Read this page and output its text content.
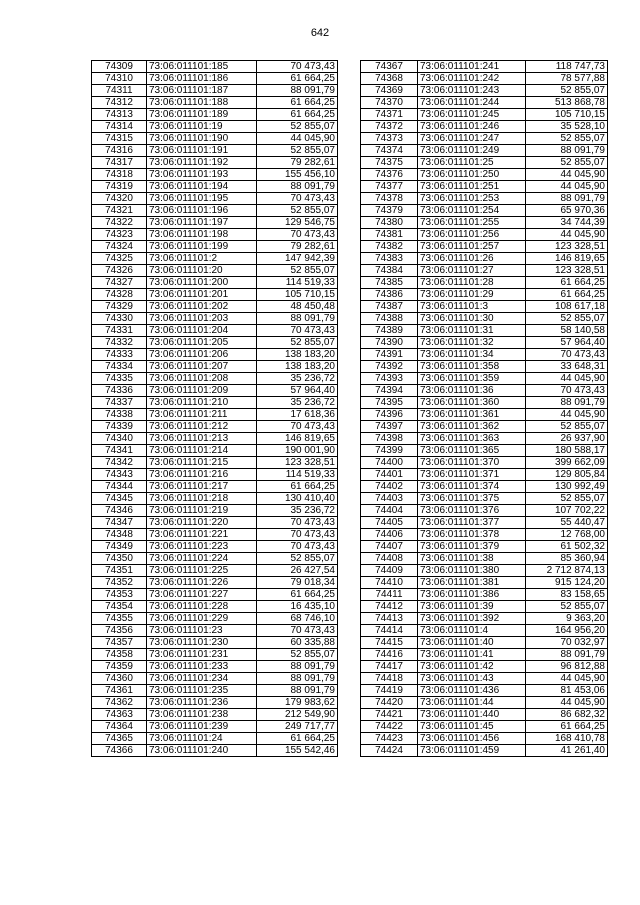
642
74309	73:06:011101:185	70 473,43
74310	73:06:011101:186	61 664,25
74311	73:06:011101:187	88 091,79
74312	73:06:011101:188	61 664,25
74313	73:06:011101:189	61 664,25
74314	73:06:011101:19	52 855,07
74315	73:06:011101:190	44 045,90
74316	73:06:011101:191	52 855,07
74317	73:06:011101:192	79 282,61
74318	73:06:011101:193	155 456,10
74319	73:06:011101:194	88 091,79
74320	73:06:011101:195	70 473,43
74321	73:06:011101:196	52 855,07
74322	73:06:011101:197	129 546,75
74323	73:06:011101:198	70 473,43
74324	73:06:011101:199	79 282,61
74325	73:06:011101:2	147 942,39
74326	73:06:011101:20	52 855,07
74327	73:06:011101:200	114 519,33
74328	73:06:011101:201	105 710,15
74329	73:06:011101:202	48 450,48
74330	73:06:011101:203	88 091,79
74331	73:06:011101:204	70 473,43
74332	73:06:011101:205	52 855,07
74333	73:06:011101:206	138 183,20
74334	73:06:011101:207	138 183,20
74335	73:06:011101:208	35 236,72
74336	73:06:011101:209	57 964,40
74337	73:06:011101:210	35 236,72
74338	73:06:011101:211	17 618,36
74339	73:06:011101:212	70 473,43
74340	73:06:011101:213	146 819,65
74341	73:06:011101:214	190 001,90
74342	73:06:011101:215	123 328,51
74343	73:06:011101:216	114 519,33
74344	73:06:011101:217	61 664,25
74345	73:06:011101:218	130 410,40
74346	73:06:011101:219	35 236,72
74347	73:06:011101:220	70 473,43
74348	73:06:011101:221	70 473,43
74349	73:06:011101:223	70 473,43
74350	73:06:011101:224	52 855,07
74351	73:06:011101:225	26 427,54
74352	73:06:011101:226	79 018,34
74353	73:06:011101:227	61 664,25
74354	73:06:011101:228	16 435,10
74355	73:06:011101:229	68 746,10
74356	73:06:011101:23	70 473,43
74357	73:06:011101:230	60 335,88
74358	73:06:011101:231	52 855,07
74359	73:06:011101:233	88 091,79
74360	73:06:011101:234	88 091,79
74361	73:06:011101:235	88 091,79
74362	73:06:011101:236	179 983,62
74363	73:06:011101:238	212 549,90
74364	73:06:011101:239	249 717,77
74365	73:06:011101:24	61 664,25
74366	73:06:011101:240	155 542,46
74367	73:06:011101:241	118 747,73
74368	73:06:011101:242	78 577,88
74369	73:06:011101:243	52 855,07
74370	73:06:011101:244	513 868,78
74371	73:06:011101:245	105 710,15
74372	73:06:011101:246	35 528,10
74373	73:06:011101:247	52 855,07
74374	73:06:011101:249	88 091,79
74375	73:06:011101:25	52 855,07
74376	73:06:011101:250	44 045,90
74377	73:06:011101:251	44 045,90
74378	73:06:011101:253	88 091,79
74379	73:06:011101:254	65 970,36
74380	73:06:011101:255	34 744,39
74381	73:06:011101:256	44 045,90
74382	73:06:011101:257	123 328,51
74383	73:06:011101:26	146 819,65
74384	73:06:011101:27	123 328,51
74385	73:06:011101:28	61 664,25
74386	73:06:011101:29	61 664,25
74387	73:06:011101:3	108 617,18
74388	73:06:011101:30	52 855,07
74389	73:06:011101:31	58 140,58
74390	73:06:011101:32	57 964,40
74391	73:06:011101:34	70 473,43
74392	73:06:011101:358	33 648,31
74393	73:06:011101:359	44 045,90
74394	73:06:011101:36	70 473,43
74395	73:06:011101:360	88 091,79
74396	73:06:011101:361	44 045,90
74397	73:06:011101:362	52 855,07
74398	73:06:011101:363	26 937,90
74399	73:06:011101:365	180 588,17
74400	73:06:011101:370	399 662,09
74401	73:06:011101:371	129 805,84
74402	73:06:011101:374	130 992,49
74403	73:06:011101:375	52 855,07
74404	73:06:011101:376	107 702,22
74405	73:06:011101:377	55 440,47
74406	73:06:011101:378	12 768,00
74407	73:06:011101:379	61 502,32
74408	73:06:011101:38	85 360,94
74409	73:06:011101:380	2 712 874,13
74410	73:06:011101:381	915 124,20
74411	73:06:011101:386	83 158,65
74412	73:06:011101:39	52 855,07
74413	73:06:011101:392	9 363,20
74414	73:06:011101:4	164 956,20
74415	73:06:011101:40	70 032,97
74416	73:06:011101:41	88 091,79
74417	73:06:011101:42	96 812,88
74418	73:06:011101:43	44 045,90
74419	73:06:011101:436	81 453,06
74420	73:06:011101:44	44 045,90
74421	73:06:011101:440	86 682,32
74422	73:06:011101:45	61 664,25
74423	73:06:011101:456	168 410,78
74424	73:06:011101:459	41 261,40
